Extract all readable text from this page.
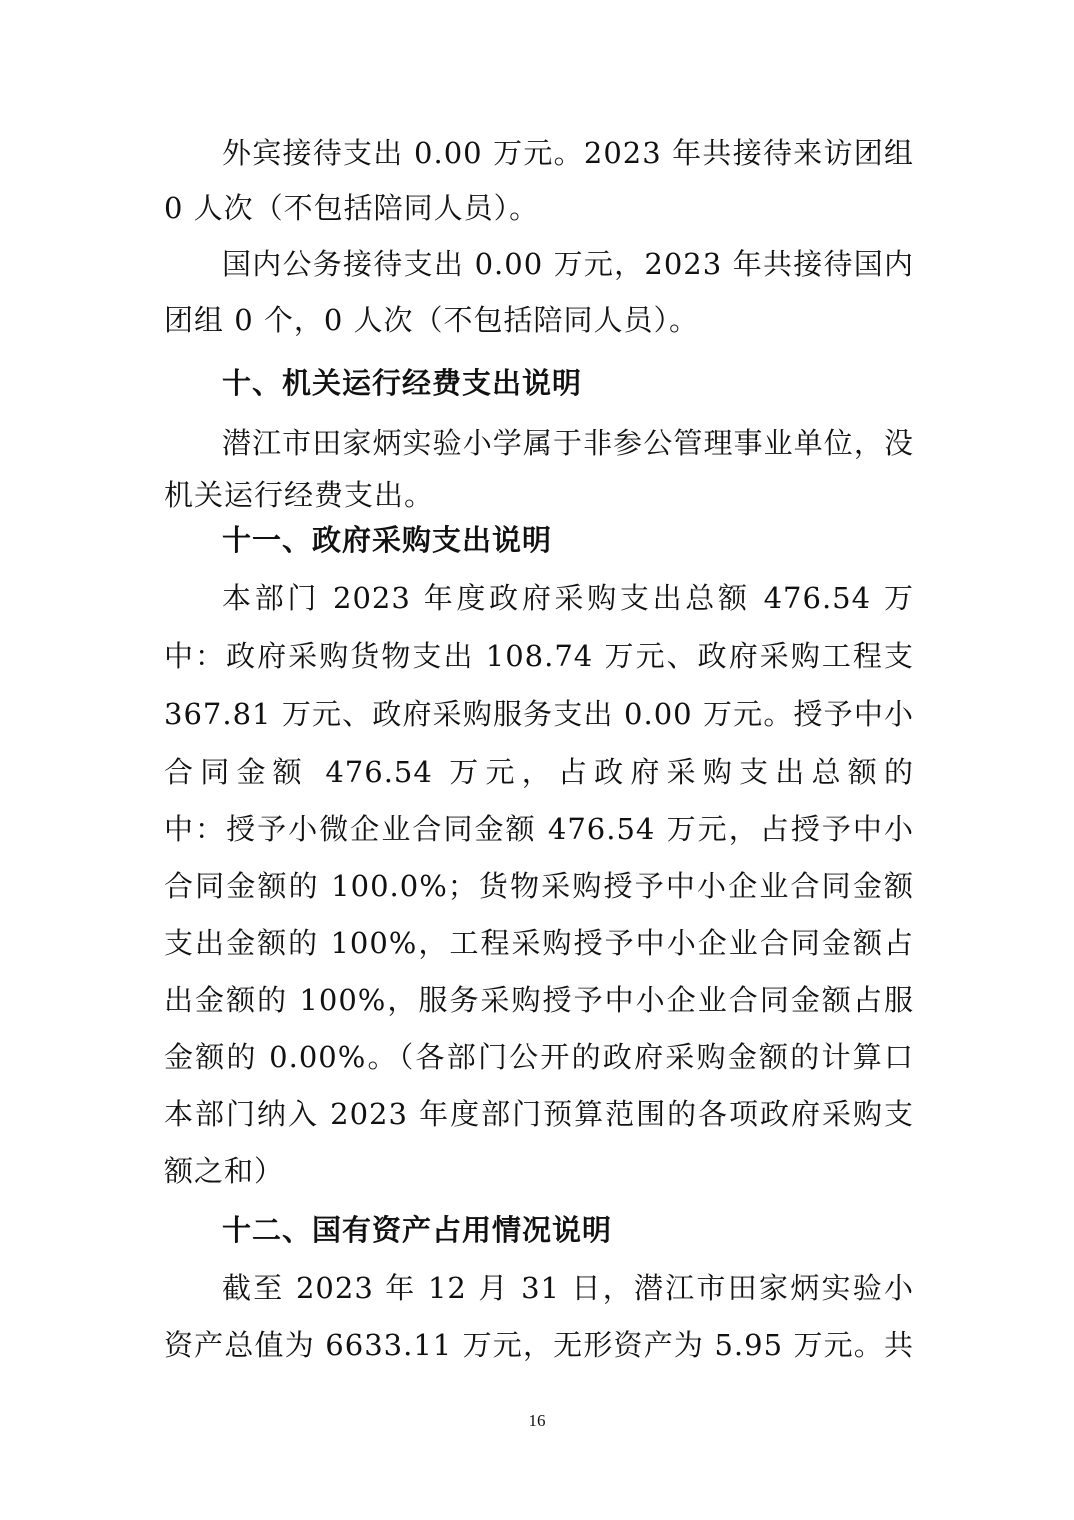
外宾接待支出 0.00 万元。2023 年共接待来访团组
0 人次（不包括陪同人员）。
国内公务接待支出 0.00 万元，2023 年共接待国内
团组 0 个，0 人次（不包括陪同人员）。
十、机关运行经费支出说明
潜江市田家炳实验小学属于非参公管理事业单位，没
机关运行经费支出。
十一、政府采购支出说明
本部门 2023 年度政府采购支出总额 476.54 万
中：政府采购货物支出 108.74 万元、政府采购工程支
367.81 万元、政府采购服务支出 0.00 万元。授予中小
合同金额 476.54 万元，占政府采购支出总额的
中：授予小微企业合同金额 476.54 万元，占授予中小
合同金额的 100.0%；货物采购授予中小企业合同金额
支出金额的 100%，工程采购授予中小企业合同金额占
出金额的 100%，服务采购授予中小企业合同金额占服
金额的 0.00%。（各部门公开的政府采购金额的计算口
本部门纳入 2023 年度部门预算范围的各项政府采购支
额之和）
十二、国有资产占用情况说明
截至 2023 年 12 月 31 日，潜江市田家炳实验小
资产总值为 6633.11 万元，无形资产为 5.95 万元。共
16
